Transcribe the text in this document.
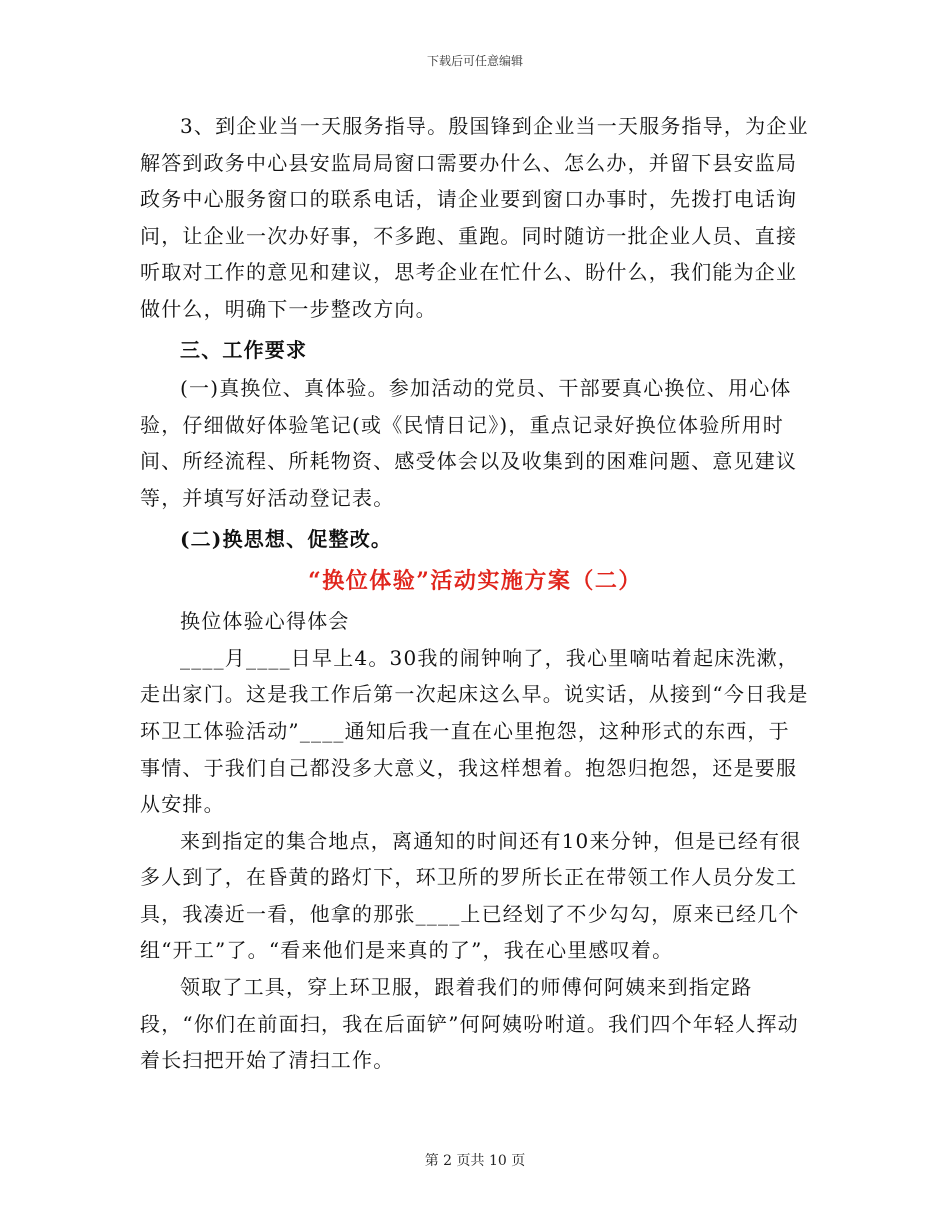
下载后可任意编辑

3、到企业当一天服务指导。殷国锋到企业当一天服务指导，为企业解答到政务中心县安监局局窗口需要办什么、怎么办，并留下县安监局政务中心服务窗口的联系电话，请企业要到窗口办事时，先拨打电话询问，让企业一次办好事，不多跑、重跑。同时随访一批企业人员、直接听取对工作的意见和建议，思考企业在忙什么、盼什么，我们能为企业做什么，明确下一步整改方向。

三、工作要求

(一)真换位、真体验。参加活动的党员、干部要真心换位、用心体验，仔细做好体验笔记(或《民情日记》)，重点记录好换位体验所用时间、所经流程、所耗物资、感受体会以及收集到的困难问题、意见建议等，并填写好活动登记表。

(二)换思想、促整改。

“换位体验”活动实施方案（二）

换位体验心得体会

____月____日早上4。30我的闹钟响了，我心里嘀咕着起床洗漱，走出家门。这是我工作后第一次起床这么早。说实话，从接到“今日我是环卫工体验活动”____通知后我一直在心里抱怨，这种形式的东西，于事情、于我们自己都没多大意义，我这样想着。抱怨归抱怨，还是要服从安排。

来到指定的集合地点，离通知的时间还有10来分钟，但是已经有很多人到了，在昏黄的路灯下，环卫所的罗所长正在带领工作人员分发工具，我凑近一看，他拿的那张____上已经划了不少勾勾，原来已经几个组“开工”了。“看来他们是来真的了”，我在心里感叹着。

领取了工具，穿上环卫服，跟着我们的师傅何阿姨来到指定路段，“你们在前面扫，我在后面铲”何阿姨吩咐道。我们四个年轻人挥动着长扫把开始了清扫工作。

第 2 页共 10 页
